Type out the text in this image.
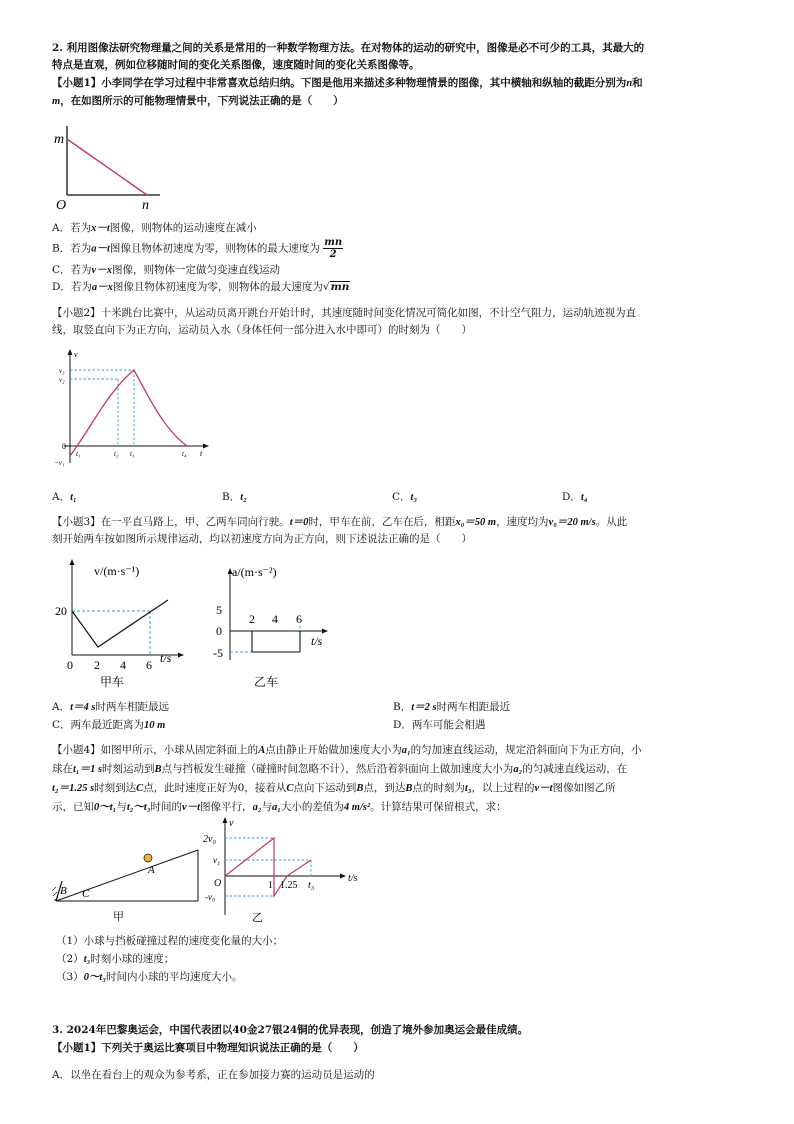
2. 利用图像法研究物理量之间的关系是常用的一种数学物理方法。在对物体的运动的研究中，图像是必不可少的工具，其最大的
特点是直观，例如位移随时间的变化关系图像，速度随时间的变化关系图像等。
【小题1】小李同学在学习过程中非常喜欢总结归纳。下图是他用来描述多种物理情景的图像，其中横轴和纵轴的截距分别为n和
m，在如图所示的可能物理情景中，下列说法正确的是（　　）
m
O	n
A．若为x－t图像，则物体的运动速度在减小
B．若为a－t图像且物体初速度为零，则物体的最大速度为 $\frac{mn}{2}$
C．若为v－x图像，则物体一定做匀变速直线运动
D．若为a－x图像且物体初速度为零，则物体的最大速度为√mn
【小题2】十米跳台比赛中，从运动员离开跳台开始计时，其速度随时间变化情况可简化如图，不计空气阻力，运动轨迹视为直
线，取竖直向下为正方向，运动员入水（身体任何一部分进入水中即可）的时刻为（　　）
v
v₃
v₂
0
−v₁
t₁	t₂ t₃	t₄ t
A．t₁	B．t₂	C．t₃	D．t₄
【小题3】在一平直马路上，甲、乙两车同向行驶。t＝0时，甲车在前，乙车在后，相距x₀＝50 m，速度均为v₀＝20 m/s。从此
刻开始两车按如图所示规律运动，均以初速度方向为正方向，则下述说法正确的是（　　）
v/(m·s⁻¹)
20
0 2 4 6 t/s
甲车
a/(m·s⁻²)
5
0
-5
2 4 6
t/s
乙车
A．t＝4 s时两车相距最远	B．t＝2 s时两车相距最近
C．两车最近距离为10 m	D．两车可能会相遇
【小题4】如图甲所示，小球从固定斜面上的A点由静止开始做加速度大小为a₁的匀加速直线运动，规定沿斜面向下为正方向，小
球在t₁＝1 s时刻运动到B点与挡板发生碰撞（碰撞时间忽略不计），然后沿着斜面向上做加速度大小为a₂的匀减速直线运动，在
t₂＝1.25 s时刻到达C点，此时速度正好为0，接着从C点向下运动到B点，到达B点的时刻为t₃，以上过程的v－t图像如图乙所
示，已知0～t₁与t₂～t₃时间的v－t图像平行，a₂与a₁大小的差值为4 m/s²。计算结果可保留根式，求：
A
B C
甲
v
2v₀
v₁
O
-v₀
1 1.25 t₃
t/s
乙
（1）小球与挡板碰撞过程的速度变化量的大小；
（2）t₃时刻小球的速度；
（3）0～t₃时间内小球的平均速度大小。
3. 2024年巴黎奥运会，中国代表团以40金27银24铜的优异表现，创造了境外参加奥运会最佳成绩。
【小题1】下列关于奥运比赛项目中物理知识说法正确的是（　　）
A．以坐在看台上的观众为参考系，正在参加接力赛的运动员是运动的
